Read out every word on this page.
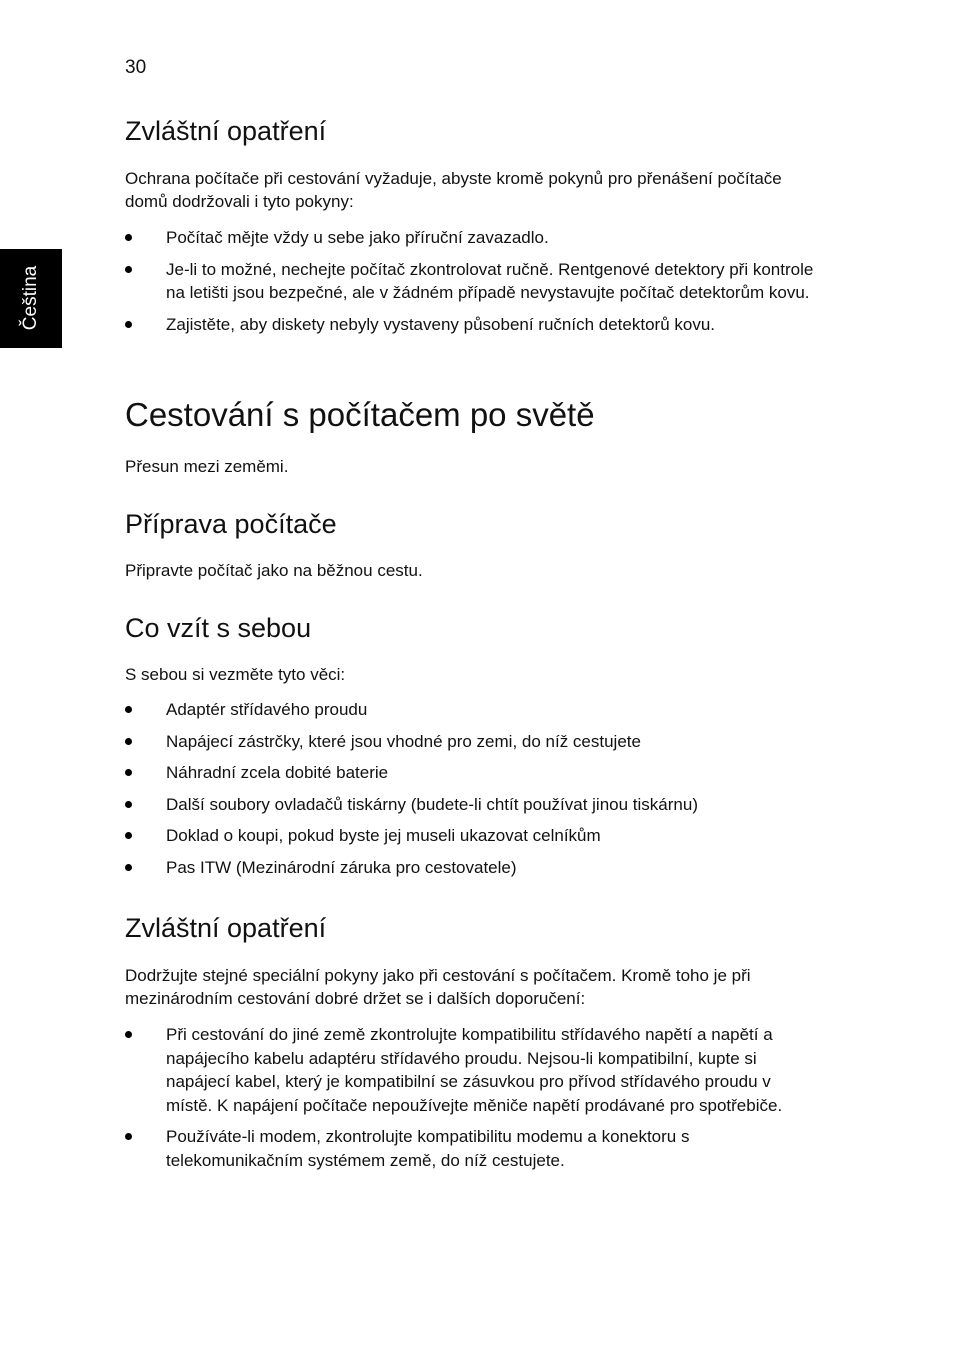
30
Čeština
Zvláštní opatření

Ochrana počítače při cestování vyžaduje, abyste kromě pokynů pro přenášení počítače domů dodržovali i tyto pokyny:

Počítač mějte vždy u sebe jako příruční zavazadlo.
Je-li to možné, nechejte počítač zkontrolovat ručně. Rentgenové detektory při kontrole na letišti jsou bezpečné, ale v žádném případě nevystavujte počítač detektorům kovu.
Zajistěte, aby diskety nebyly vystaveny působení ručních detektorů kovu.
Cestování s počítačem po světě

Přesun mezi zeměmi.

Příprava počítače

Připravte počítač jako na běžnou cestu.

Co vzít s sebou

S sebou si vezměte tyto věci:

Adaptér střídavého proudu
Napájecí zástrčky, které jsou vhodné pro zemi, do níž cestujete
Náhradní zcela dobité baterie
Další soubory ovladačů tiskárny (budete-li chtít používat jinou tiskárnu)
Doklad o koupi, pokud byste jej museli ukazovat celníkům
Pas ITW (Mezinárodní záruka pro cestovatele)
Zvláštní opatření

Dodržujte stejné speciální pokyny jako při cestování s počítačem. Kromě toho je při mezinárodním cestování dobré držet se i dalších doporučení:

Při cestování do jiné země zkontrolujte kompatibilitu střídavého napětí a napětí a napájecího kabelu adaptéru střídavého proudu. Nejsou-li kompatibilní, kupte si napájecí kabel, který je kompatibilní se zásuvkou pro přívod střídavého proudu v místě. K napájení počítače nepoužívejte měniče napětí prodávané pro spotřebiče.
Používáte-li modem, zkontrolujte kompatibilitu modemu a konektoru s telekomunikačním systémem země, do níž cestujete.
